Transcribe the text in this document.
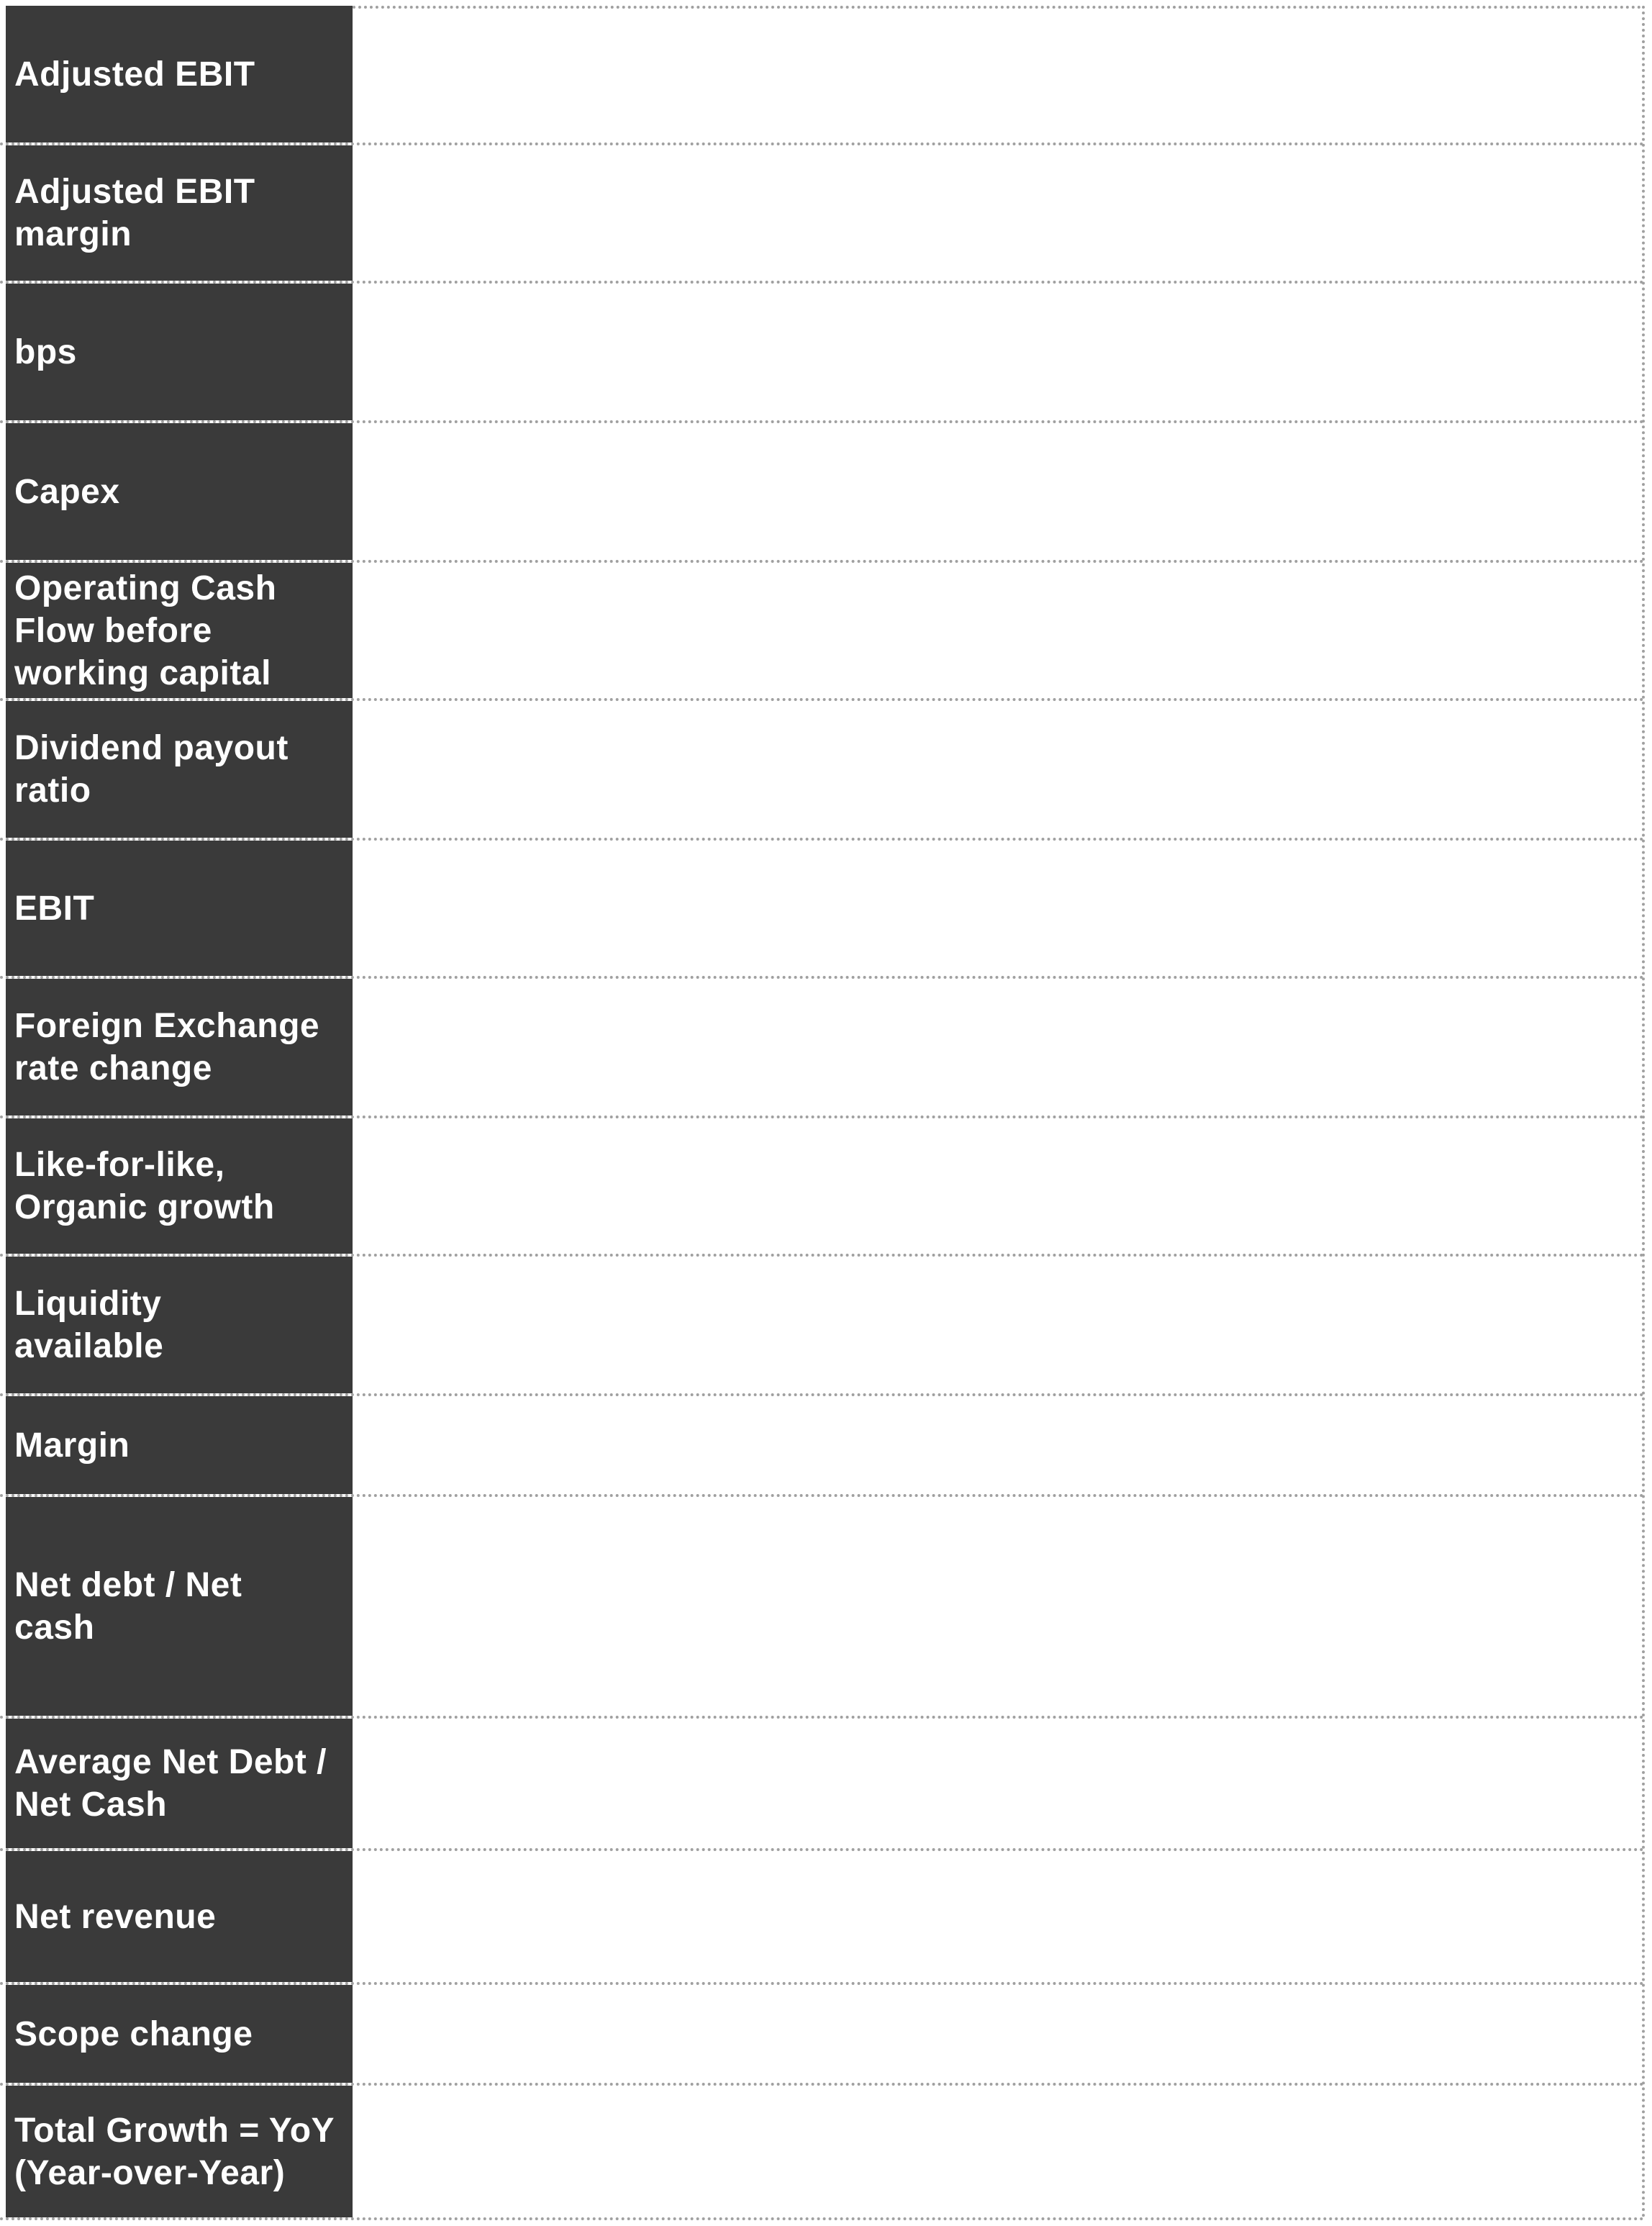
Adjusted EBIT
Adjusted EBIT margin
bps
Capex
Operating Cash Flow before working capital
Dividend payout ratio
EBIT
Foreign Exchange rate change
Like-for-like, Organic growth
Liquidity available
Margin
Net debt / Net cash
Average Net Debt / Net Cash
Net revenue
Scope change
Total Growth = YoY (Year-over-Year)
